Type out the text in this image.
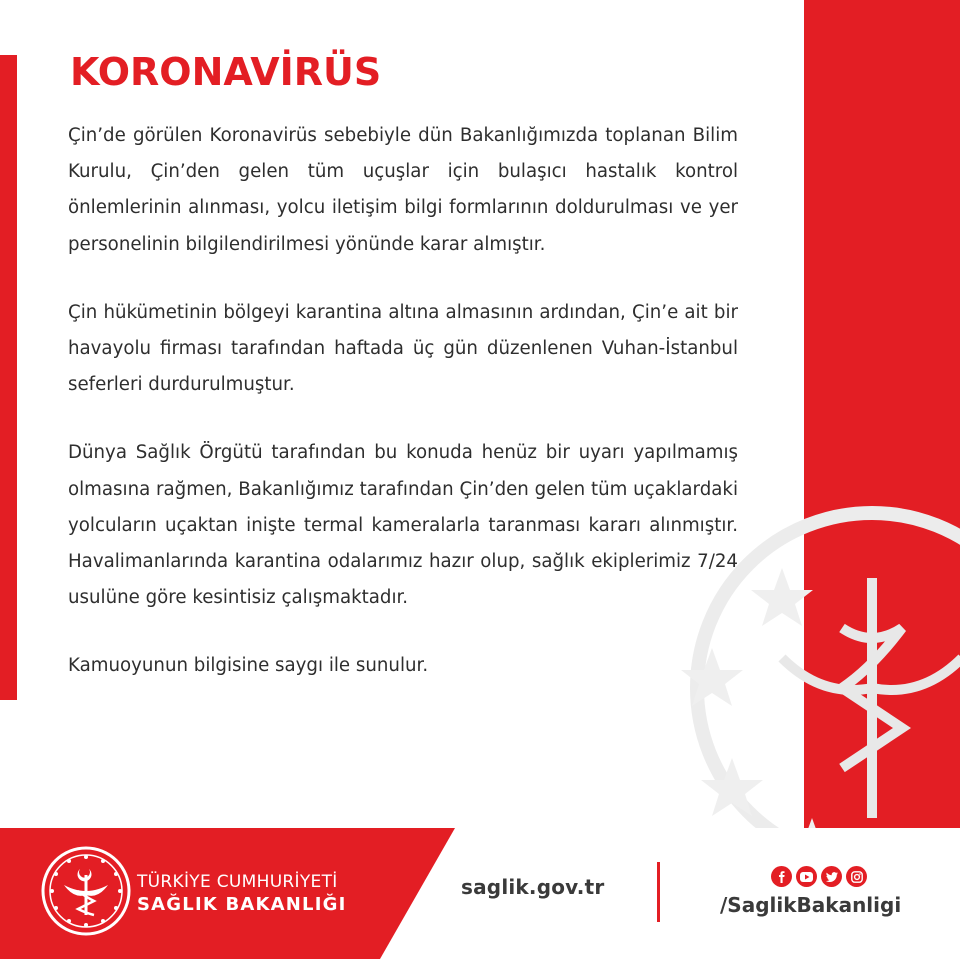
KORONAVİRÜS

Çin’de görülen Koronavirüs sebebiyle dün Bakanlığımızda toplanan Bilim Kurulu, Çin’den gelen tüm uçuşlar için bulaşıcı hastalık kontrol önlemlerinin alınması, yolcu iletişim bilgi formlarının doldurulması ve yer personelinin bilgilendirilmesi yönünde karar almıştır.

Çin hükümetinin bölgeyi karantina altına almasının ardından, Çin’e ait bir havayolu firması tarafından haftada üç gün düzenlenen Vuhan-İstanbul seferleri durdurulmuştur.

Dünya Sağlık Örgütü tarafından bu konuda henüz bir uyarı yapılmamış olmasına rağmen, Bakanlığımız tarafından Çin’den gelen tüm uçaklardaki yolcuların uçaktan inişte termal kameralarla taranması kararı alınmıştır. Havalimanlarında karantina odalarımız hazır olup, sağlık ekiplerimiz 7/24 usulüne göre kesintisiz çalışmaktadır.

Kamuoyunun bilgisine saygı ile sunulur.

TÜRKİYE CUMHURİYETİ
SAĞLIK BAKANLIĞI
saglik.gov.tr
/SaglikBakanligi
